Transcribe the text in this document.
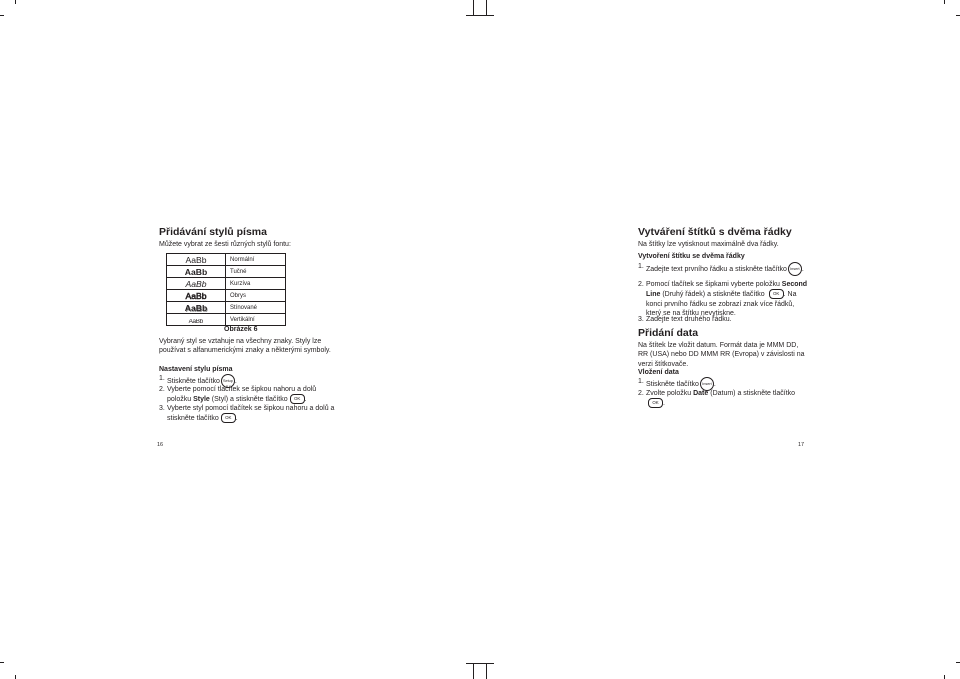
Přidávání stylů písma
Můžete vybrat ze šesti různých stylů fontu:
AaBb	Normální
AaBb	Tučné
AaBb	Kurzíva
AaBb	Obrys
AaBb	Stínované
AaBb	Vertikální
Obrázek 6
Vybraný styl se vztahuje na všechny znaky. Styly lze používat s alfanumerickými znaky a některými symboly.
Nastavení stylu písma
1. Stiskněte tlačítko Setup .
2. Vyberte pomocí tlačítek se šipkou nahoru a dolů položku Style (Styl) a stiskněte tlačítko OK .
3. Vyberte styl pomocí tlačítek se šipkou nahoru a dolů a stiskněte tlačítko OK .
16
Vytváření štítků s dvěma řádky
Na štítky lze vytisknout maximálně dva řádky.
Vytvoření štítku se dvěma řádky
1. Zadejte text prvního řádku a stiskněte tlačítko Insert .
2. Pomocí tlačítek se šipkami vyberte položku Second Line (Druhý řádek) a stiskněte tlačítko OK . Na konci prvního řádku se zobrazí znak více řádků, který se na štítku nevytiskne.
3. Zadejte text druhého řádku.
Přidání data
Na štítek lze vložit datum. Formát data je MMM DD, RR (USA) nebo DD MMM RR (Evropa) v závislosti na verzi štítkovače.
Vložení data
1. Stiskněte tlačítko Insert .
2. Zvolte položku Date (Datum) a stiskněte tlačítko OK .
17
